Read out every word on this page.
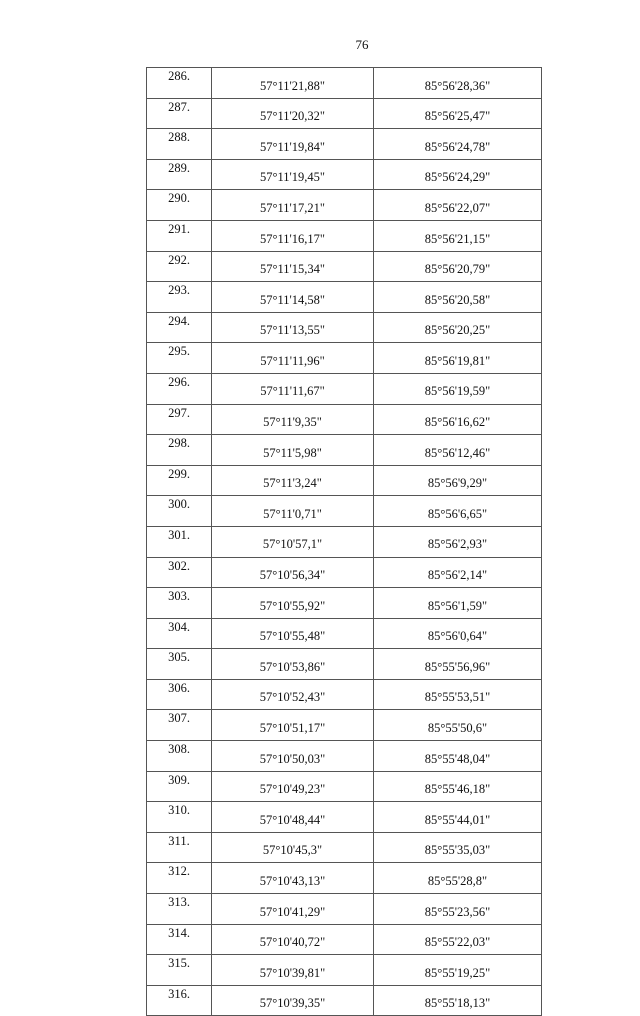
76
286.	57°11'21,88"	85°56'28,36"
287.	57°11'20,32"	85°56'25,47"
288.	57°11'19,84"	85°56'24,78"
289.	57°11'19,45"	85°56'24,29"
290.	57°11'17,21"	85°56'22,07"
291.	57°11'16,17"	85°56'21,15"
292.	57°11'15,34"	85°56'20,79"
293.	57°11'14,58"	85°56'20,58"
294.	57°11'13,55"	85°56'20,25"
295.	57°11'11,96"	85°56'19,81"
296.	57°11'11,67"	85°56'19,59"
297.	57°11'9,35"	85°56'16,62"
298.	57°11'5,98"	85°56'12,46"
299.	57°11'3,24"	85°56'9,29"
300.	57°11'0,71"	85°56'6,65"
301.	57°10'57,1"	85°56'2,93"
302.	57°10'56,34"	85°56'2,14"
303.	57°10'55,92"	85°56'1,59"
304.	57°10'55,48"	85°56'0,64"
305.	57°10'53,86"	85°55'56,96"
306.	57°10'52,43"	85°55'53,51"
307.	57°10'51,17"	85°55'50,6"
308.	57°10'50,03"	85°55'48,04"
309.	57°10'49,23"	85°55'46,18"
310.	57°10'48,44"	85°55'44,01"
311.	57°10'45,3"	85°55'35,03"
312.	57°10'43,13"	85°55'28,8"
313.	57°10'41,29"	85°55'23,56"
314.	57°10'40,72"	85°55'22,03"
315.	57°10'39,81"	85°55'19,25"
316.	57°10'39,35"	85°55'18,13"
